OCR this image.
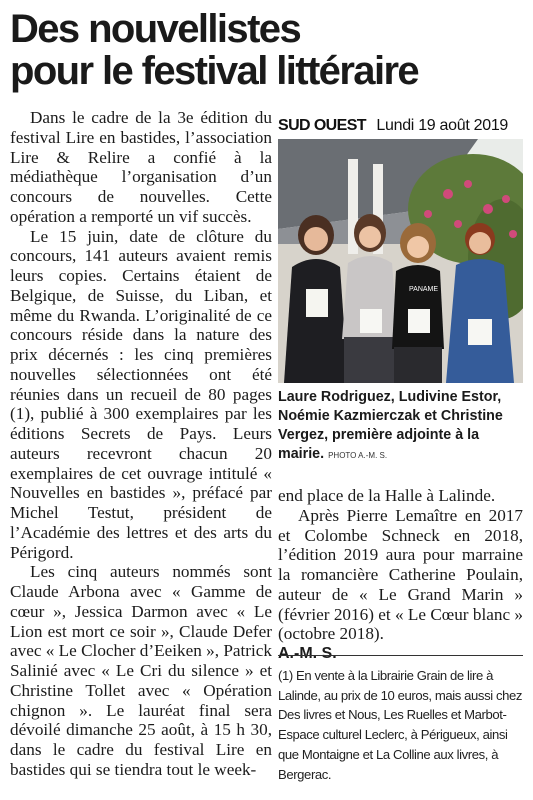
Des nouvellistes
pour le festival littéraire

Dans le cadre de la 3e édition du festival Lire en bastides, l’association Lire & Relire a confié à la médiathèque l’organisation d’un concours de nouvelles. Cette opération a remporté un vif succès.

Le 15 juin, date de clôture du concours, 141 auteurs avaient remis leurs copies. Certains étaient de Belgique, de Suisse, du Liban, et même du Rwanda. L’originalité de ce concours réside dans la nature des prix décernés : les cinq premières nouvelles sélectionnées ont été réunies dans un recueil de 80 pages (1), publié à 300 exemplaires par les éditions Secrets de Pays. Leurs auteurs recevront chacun 20 exemplaires de cet ouvrage intitulé « Nouvelles en bastides », préfacé par Michel Testut, président de l’Académie des lettres et des arts du Périgord.

Les cinq auteurs nommés sont Claude Arbona avec « Gamme de cœur », Jessica Darmon avec « Le Lion est mort ce soir », Claude Defer avec « Le Clocher d’Eeiken », Patrick Salinié avec « Le Cri du silence » et Christine Tollet avec « Opération chignon ». Le lauréat final sera dévoilé dimanche 25 août, à 15 h 30, dans le cadre du festival Lire en bastides qui se tiendra tout le week-

SUD OUEST Lundi 19 août 2019
PANAME
Laure Rodriguez, Ludivine Estor, Noémie Kazmierczak et Christine Vergez, première adjointe à la mairie. PHOTO A.-M. S.

end place de la Halle à Lalinde.

Après Pierre Lemaître en 2017 et Colombe Schneck en 2018, l’édition 2019 aura pour marraine la romancière Catherine Poulain, auteur de « Le Grand Marin » (février 2016) et « Le Cœur blanc » (octobre 2018).

A.-M. S.

(1) En vente à la Librairie Grain de lire à Lalinde, au prix de 10 euros, mais aussi chez Des livres et Nous, Les Ruelles et Marbot-Espace culturel Leclerc, à Périgueux, ainsi que Montaigne et La Colline aux livres, à Bergerac.
